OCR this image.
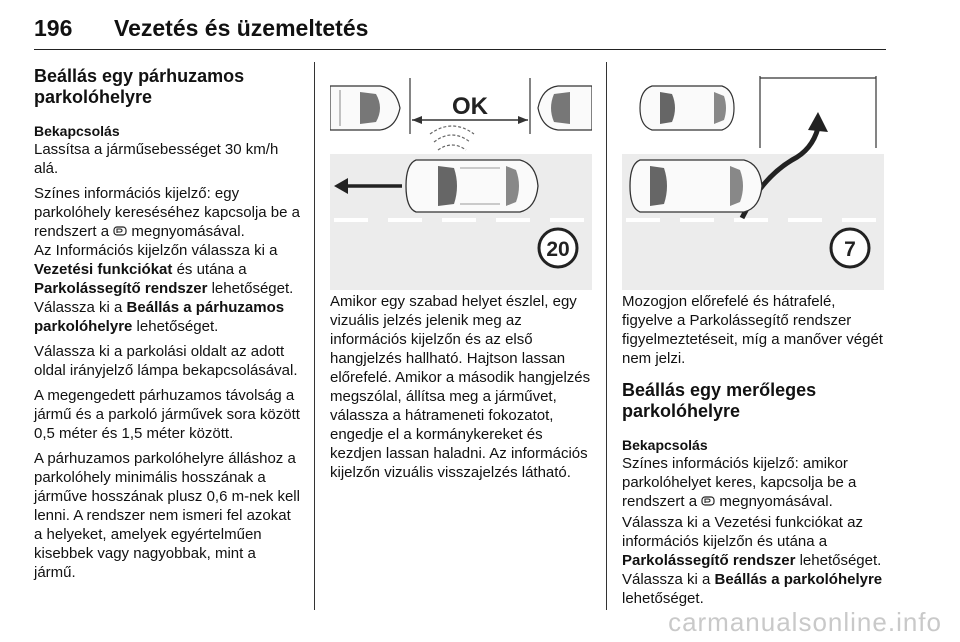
196 Vezetés és üzemeltetés
Beállás egy párhuzamos
parkolóhelyre
Bekapcsolás

Lassítsa a járműsebességet 30 km/h alá.

Színes információs kijelző: egy parkolóhely kereséséhez kapcsolja be a rendszert a megnyomásával.
Az Információs kijelzőn válassza ki a Vezetési funkciókat és utána a Parkolássegítő rendszer lehetőséget. Válassza ki a Beállás a párhuzamos parkolóhelyre lehetőséget.

Válassza ki a parkolási oldalt az adott oldal irányjelző lámpa bekapcsolásával.

A megengedett párhuzamos távolság a jármű és a parkoló járművek sora között 0,5 méter és 1,5 méter között.

A párhuzamos parkolóhelyre álláshoz a parkolóhely minimális hosszának a járműve hosszának plusz 0,6 m-nek kell lenni. A rendszer nem ismeri fel azokat a helyeket, amelyek egyértelműen kisebbek vagy nagyobbak, mint a jármű.

OK
20

Amikor egy szabad helyet észlel, egy vizuális jelzés jelenik meg az információs kijelzőn és az első hangjelzés hallható. Hajtson lassan előrefelé. Amikor a második hangjelzés megszólal, állítsa meg a járművet, válassza a hátrameneti fokozatot, engedje el a kormánykereket és kezdjen lassan haladni. Az információs kijelzőn vizuális visszajelzés látható.

7

Mozogjon előrefelé és hátrafelé, figyelve a Parkolássegítő rendszer figyelmeztetéseit, míg a manőver végét nem jelzi.

Beállás egy merőleges
parkolóhelyre
Bekapcsolás

Színes információs kijelző: amikor parkolóhelyet keres, kapcsolja be a rendszert a megnyomásával.

Válassza ki a Vezetési funkciókat az információs kijelzőn és utána a Parkolássegítő rendszer lehetőséget. Válassza ki a Beállás a parkolóhelyre lehetőséget.

carmanualsonline.info
